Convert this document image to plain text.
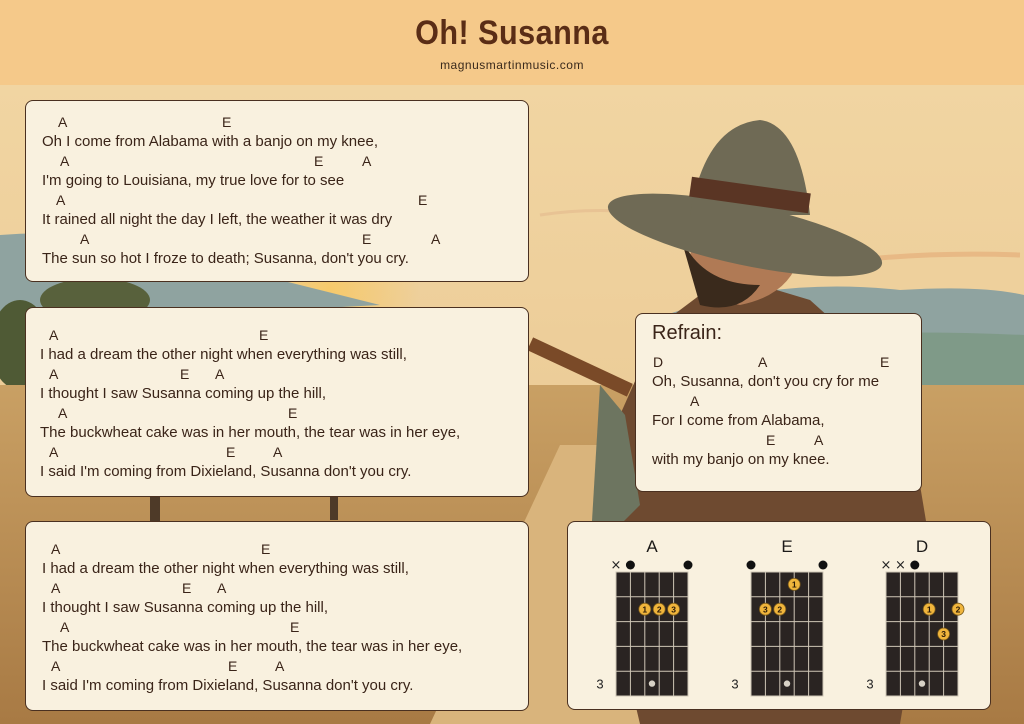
Oh! Susanna
magnusmartinmusic.com
A	E
Oh I come from Alabama with a banjo on my knee,
A	E	A
I'm going to Louisiana, my true love for to see
A	E
It rained all night the day I left, the weather it was dry
A	E	A
The sun so hot I froze to death; Susanna, don't you cry.
A	E
I had a dream the other night when everything was still,
A	E A
I thought I saw Susanna coming up the hill,
A	E
The buckwheat cake was in her mouth, the tear was in her eye,
A	E	A
I said I'm coming from Dixieland, Susanna don't you cry.
A	E
I had a dream the other night when everything was still,
A	E A
I thought I saw Susanna coming up the hill,
A	E
The buckwheat cake was in her mouth, the tear was in her eye,
A	E	A
I said I'm coming from Dixieland, Susanna don't you cry.
Refrain:
D	A	E
Oh, Susanna, don't you cry for me
A
For I come from Alabama,
E	A
with my banjo on my knee.
A
×
3
1 2 3
E
3
1
3 2
D
× ×
3
1	2
3
